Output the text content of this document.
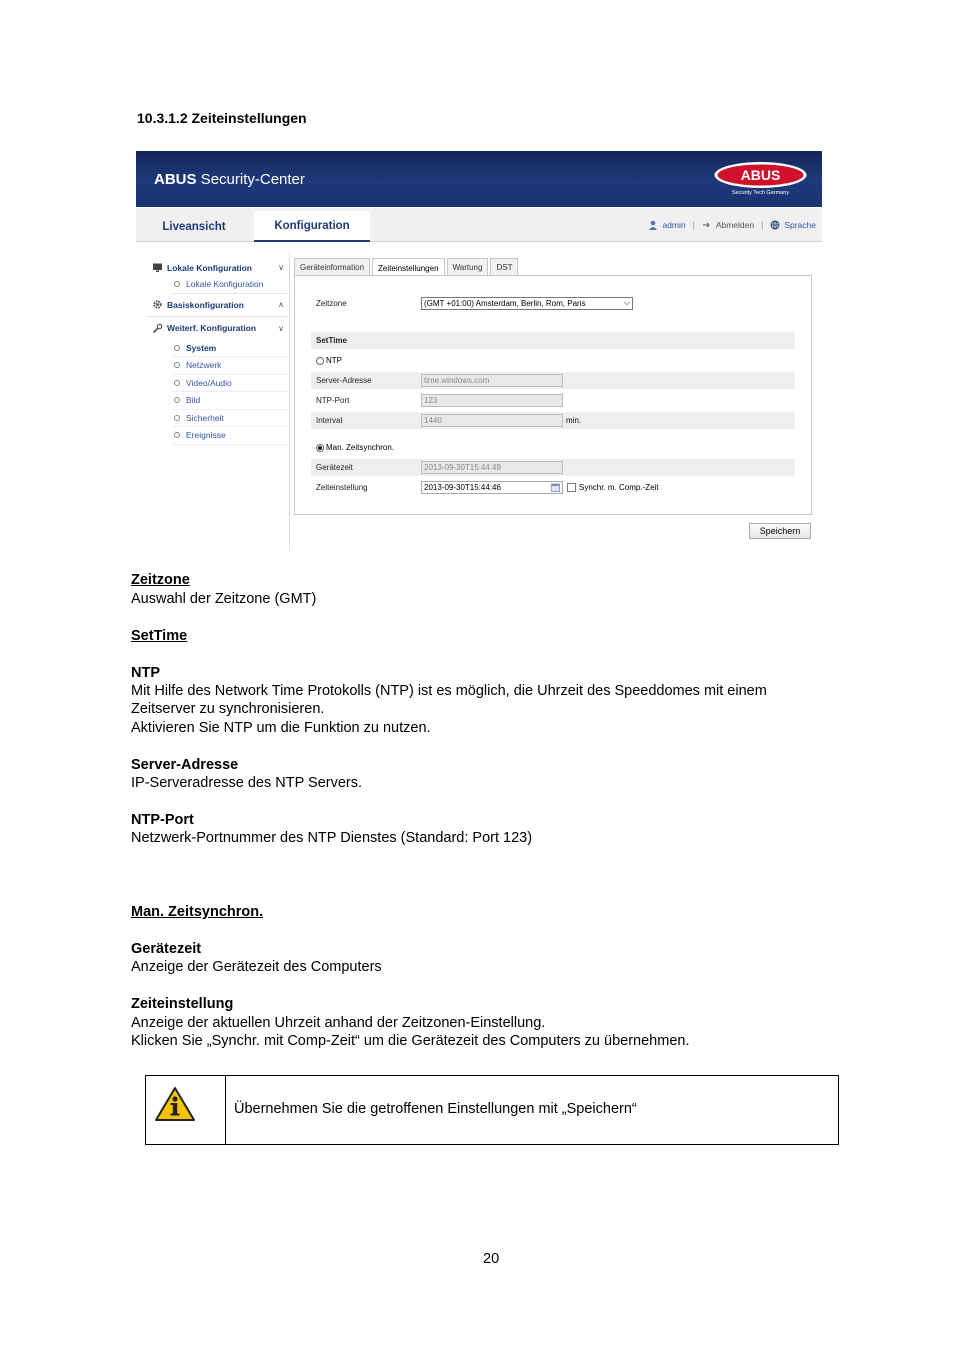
10.3.1.2 Zeiteinstellungen
ABUS Security-Center	ABUS
Security Tech Germany
Liveansicht	Konfiguration	admin | Abmelden | Sprache
Lokale Konfiguration	∨
Lokale Konfiguration
Basiskonfiguration	∧
Weiterf. Konfiguration	∨
System
Netzwerk
Video/Audio
Bild
Sicherheit
Ereignisse
Geräteinformation	Zeiteinstellungen	Wartung	DST
Zeitzone	(GMT +01:00) Amsterdam, Berlin, Rom, Paris	⌵
SetTime
NTP
Server-Adresse	time.windows.com
NTP-Port	123
Interval	1440	min.
Man. Zeitsynchron.
Gerätezeit	2013-09-30T15:44:49
Zeiteinstellung	2013-09-30T15:44:46	Synchr. m. Comp.-Zeit
Speichern
Zeitzone
Auswahl der Zeitzone (GMT)
SetTime
NTP
Mit Hilfe des Network Time Protokolls (NTP) ist es möglich, die Uhrzeit des Speeddomes mit einem
Zeitserver zu synchronisieren.
Aktivieren Sie NTP um die Funktion zu nutzen.
Server-Adresse
IP-Serveradresse des NTP Servers.
NTP-Port
Netzwerk-Portnummer des NTP Dienstes (Standard: Port 123)
Man. Zeitsynchron.
Gerätezeit
Anzeige der Gerätezeit des Computers
Zeiteinstellung
Anzeige der aktuellen Uhrzeit anhand der Zeitzonen-Einstellung.
Klicken Sie „Synchr. mit Comp-Zeit“ um die Gerätezeit des Computers zu übernehmen.
Übernehmen Sie die getroffenen Einstellungen mit „Speichern“
20
